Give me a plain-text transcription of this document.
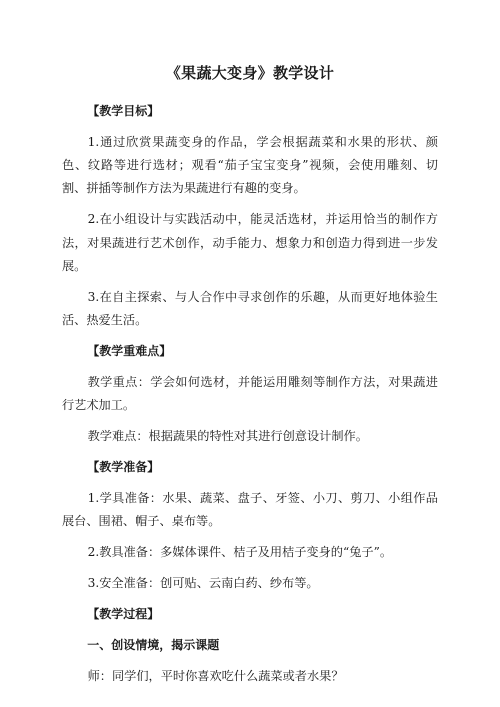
《果蔬大变身》教学设计

【教学目标】

1.通过欣赏果蔬变身的作品，学会根据蔬菜和水果的形状、颜色、纹路等进行选材；观看“茄子宝宝变身”视频，会使用雕刻、切割、拼插等制作方法为果蔬进行有趣的变身。

2.在小组设计与实践活动中，能灵活选材，并运用恰当的制作方法，对果蔬进行艺术创作，动手能力、想象力和创造力得到进一步发展。

3.在自主探索、与人合作中寻求创作的乐趣，从而更好地体验生活、热爱生活。

【教学重难点】

教学重点：学会如何选材，并能运用雕刻等制作方法，对果蔬进行艺术加工。

教学难点：根据蔬果的特性对其进行创意设计制作。

【教学准备】

1.学具准备：水果、蔬菜、盘子、牙签、小刀、剪刀、小组作品展台、围裙、帽子、桌布等。

2.教具准备：多媒体课件、桔子及用桔子变身的“兔子”。

3.安全准备：创可贴、云南白药、纱布等。

【教学过程】

一、创设情境，揭示课题

师：同学们，平时你喜欢吃什么蔬菜或者水果？
